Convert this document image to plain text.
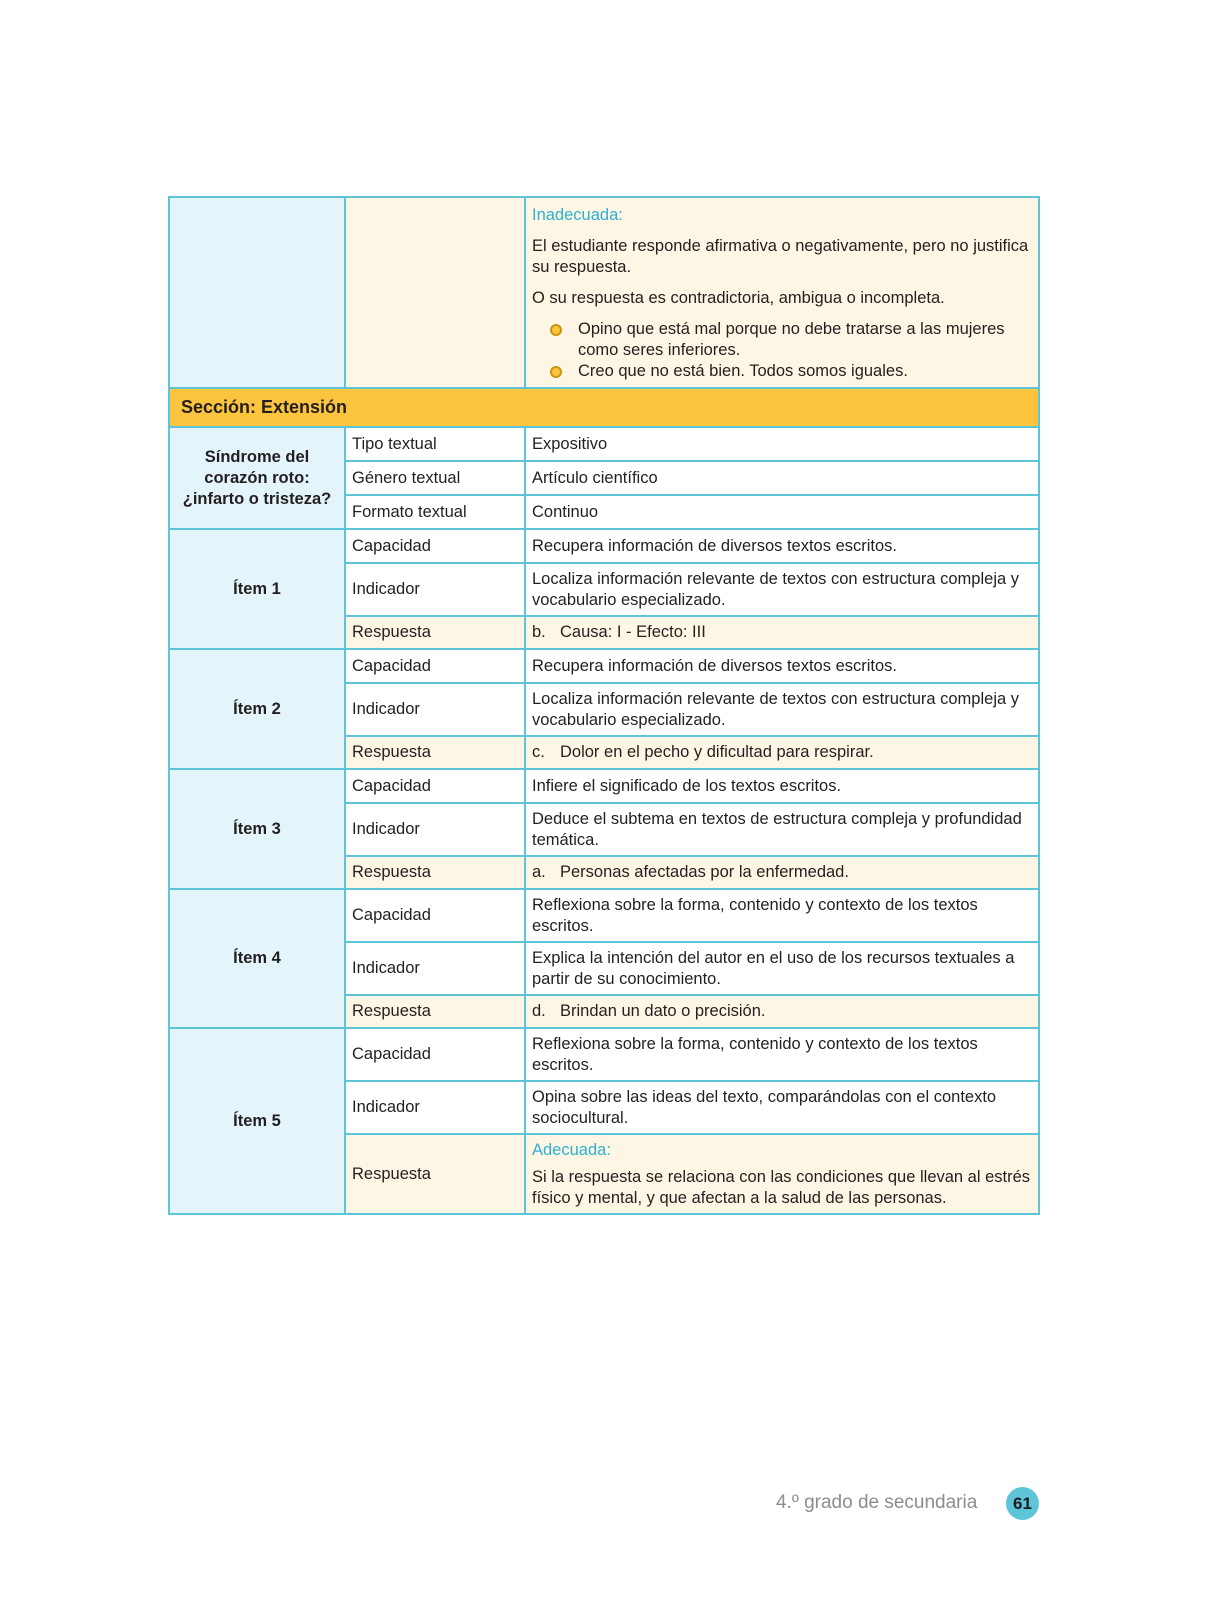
		Inadecuada:

El estudiante responde afirmativa o negativamente, pero no justifica su respuesta.

O su respuesta es contradictoria, ambigua o incompleta.

Opino que está mal porque no debe tratarse a las mujeres como seres inferiores.
Creo que no está bien. Todos somos iguales.

Sección: Extensión		
Síndrome del corazón roto: ¿infarto o tristeza?	Tipo textual	Expositivo
	Género textual	Artículo científico
	Formato textual	Continuo
Ítem 1	Capacidad	Recupera información de diversos textos escritos.
	Indicador	Localiza información relevante de textos con estructura compleja y vocabulario especializado.
	Respuesta	b. Causa: I - Efecto: III

Ítem 2	Capacidad	Recupera información de diversos textos escritos.
	Indicador	Localiza información relevante de textos con estructura compleja y vocabulario especializado.
	Respuesta	c. Dolor en el pecho y dificultad para respirar.

Ítem 3	Capacidad	Infiere el significado de los textos escritos.
	Indicador	Deduce el subtema en textos de estructura compleja y profundidad temática.
	Respuesta	a. Personas afectadas por la enfermedad.

Ítem 4	Capacidad	Reflexiona sobre la forma, contenido y contexto de los textos escritos.
	Indicador	Explica la intención del autor en el uso de los recursos textuales a partir de su conocimiento.
	Respuesta	d. Brindan un dato o precisión.

Ítem 5	Capacidad	Reflexiona sobre la forma, contenido y contexto de los textos escritos.
	Indicador	Opina sobre las ideas del texto, comparándolas con el contexto sociocultural.
	Respuesta	Adecuada:

Si la respuesta se relaciona con las condiciones que llevan al estrés físico y mental, y que afectan a la salud de las personas.

4.º grado de secundaria	61
